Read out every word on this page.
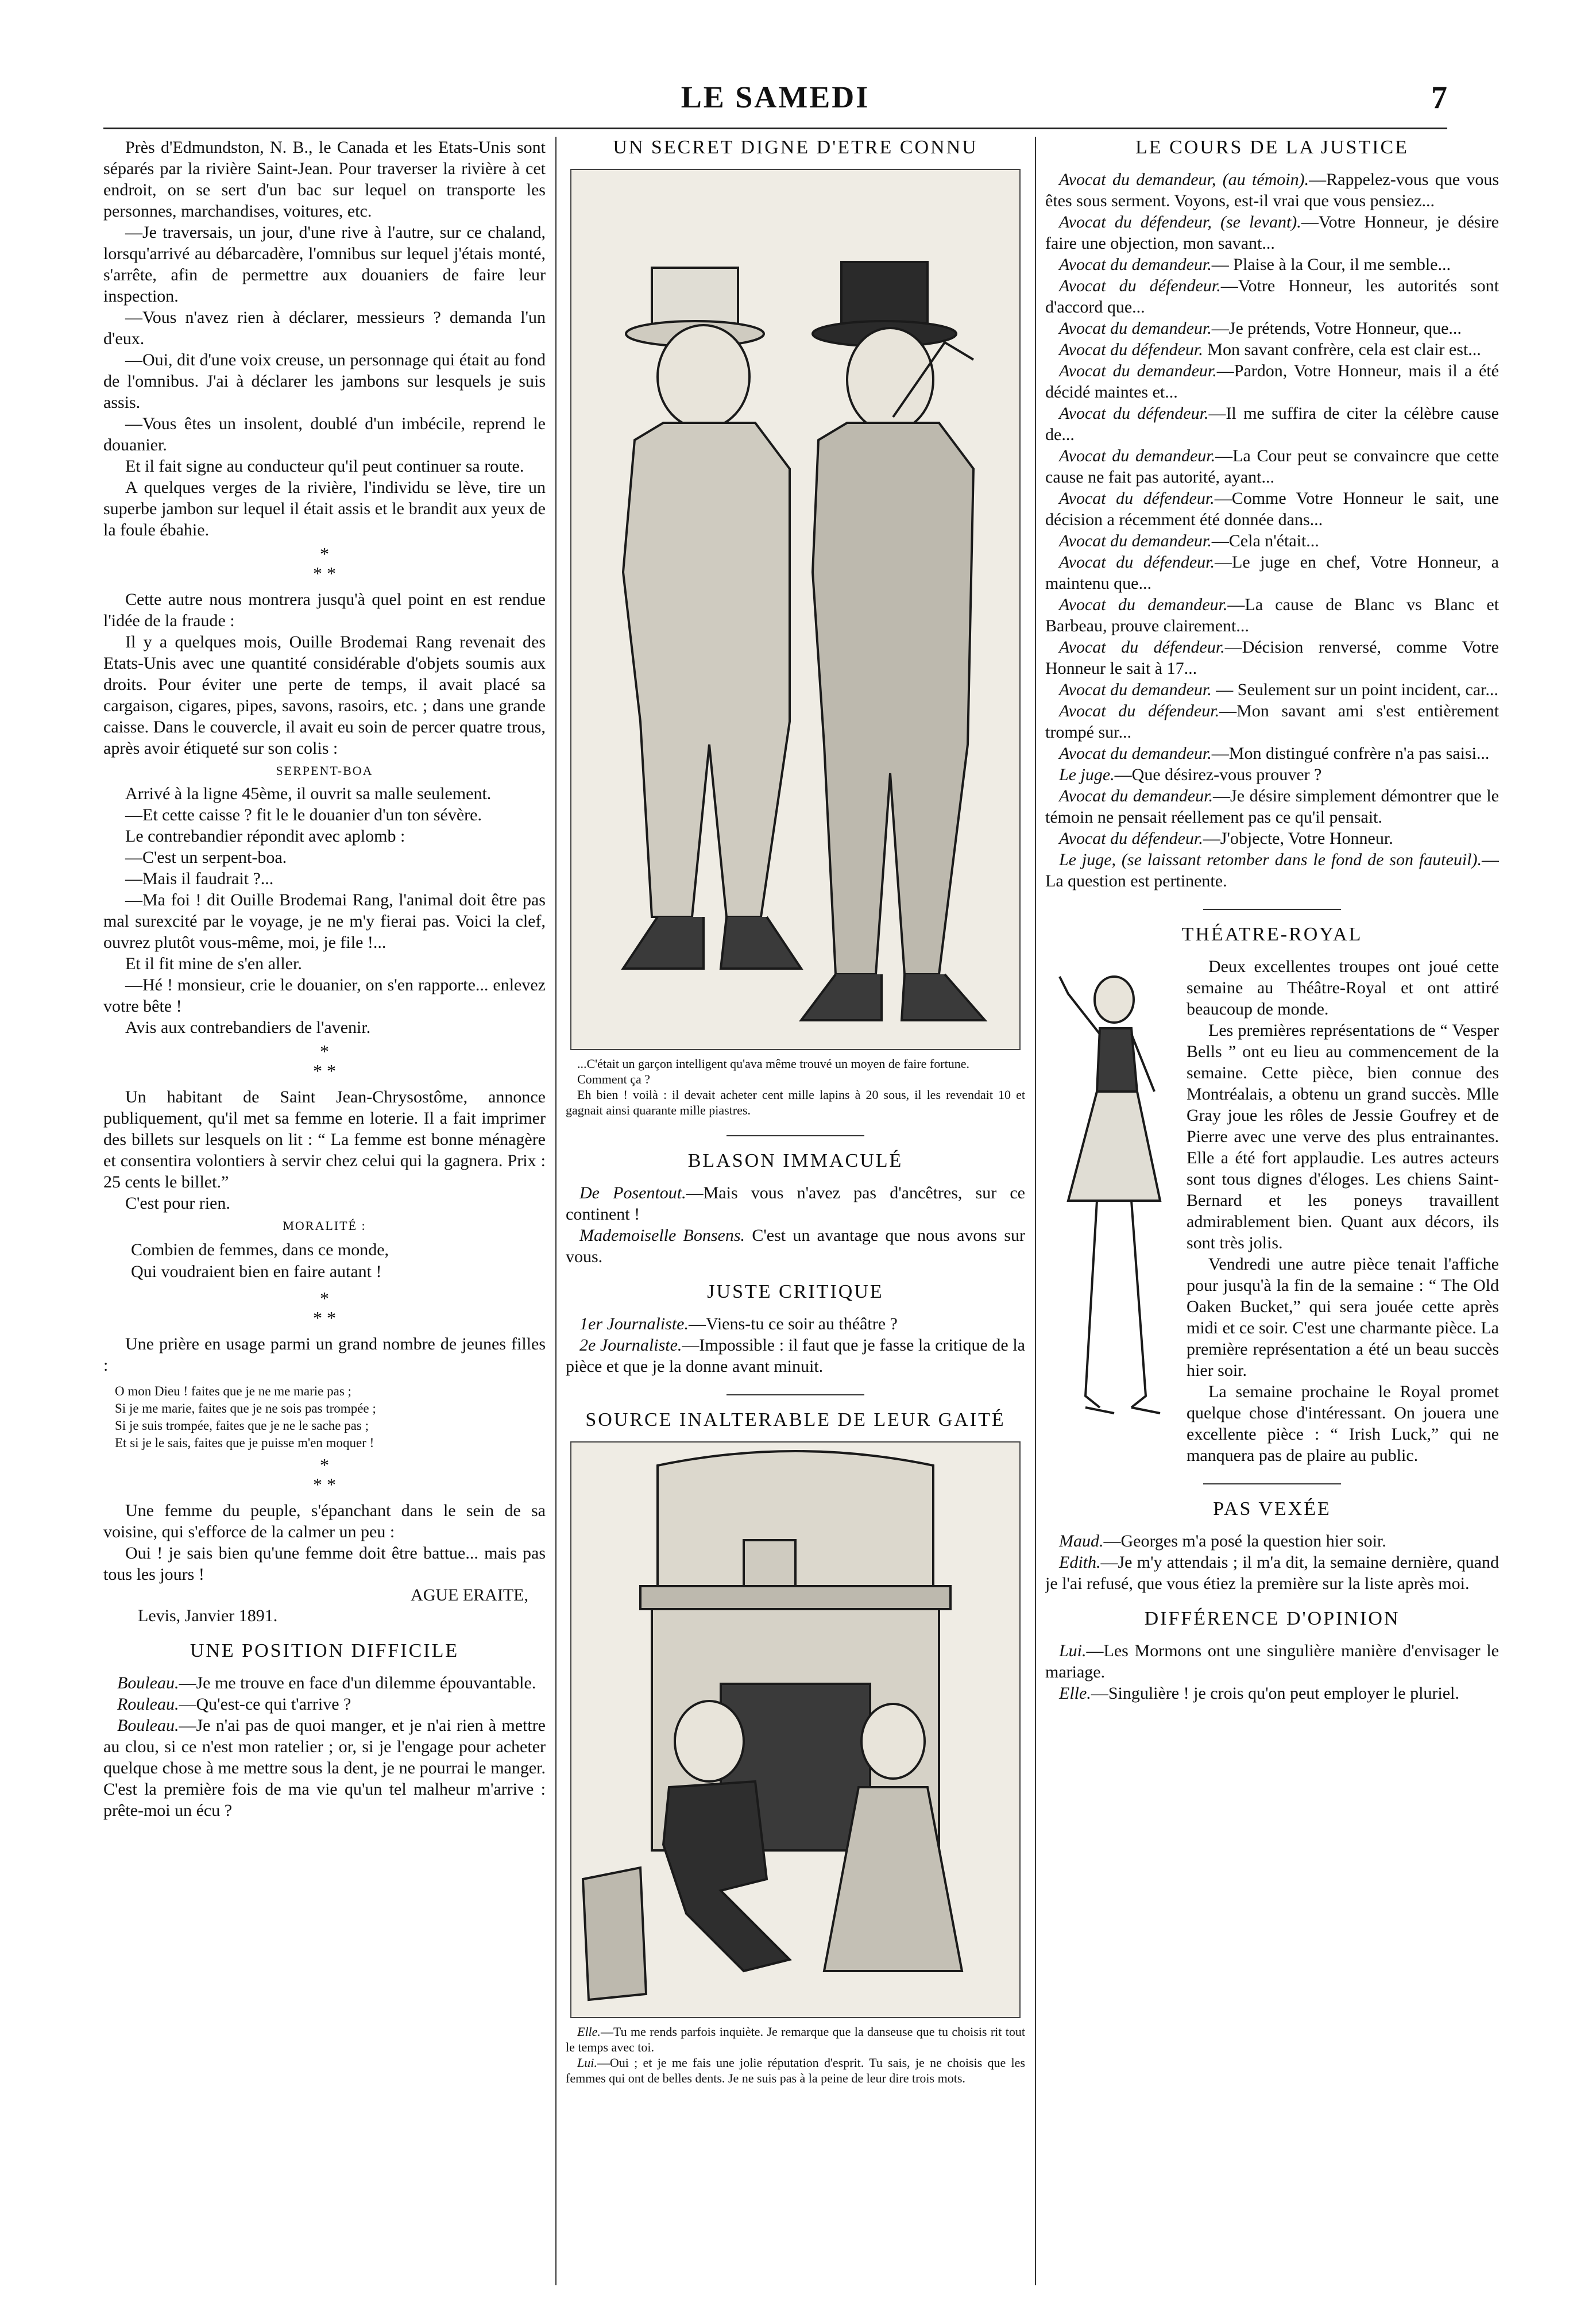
LE SAMEDI	7

Près d'Edmundston, N. B., le Canada et les Etats-Unis sont séparés par la rivière Saint-Jean. Pour traverser la rivière à cet endroit, on se sert d'un bac sur lequel on transporte les personnes, marchandises, voitures, etc.

—Je traversais, un jour, d'une rive à l'autre, sur ce chaland, lorsqu'arrivé au débarcadère, l'omnibus sur lequel j'étais monté, s'arrête, afin de permettre aux douaniers de faire leur inspection.

—Vous n'avez rien à déclarer, messieurs ? demanda l'un d'eux.

—Oui, dit d'une voix creuse, un personnage qui était au fond de l'omnibus. J'ai à déclarer les jambons sur lesquels je suis assis.

—Vous êtes un insolent, doublé d'un imbécile, reprend le douanier.

Et il fait signe au conducteur qu'il peut continuer sa route.

A quelques verges de la rivière, l'individu se lève, tire un superbe jambon sur lequel il était assis et le brandit aux yeux de la foule ébahie.

*
* *

Cette autre nous montrera jusqu'à quel point en est rendue l'idée de la fraude :

Il y a quelques mois, Ouille Brodemai Rang revenait des Etats-Unis avec une quantité considérable d'objets soumis aux droits. Pour éviter une perte de temps, il avait placé sa cargaison, cigares, pipes, savons, rasoirs, etc. ; dans une grande caisse. Dans le couvercle, il avait eu soin de percer quatre trous, après avoir étiqueté sur son colis :

SERPENT-BOA

Arrivé à la ligne 45ème, il ouvrit sa malle seulement.

—Et cette caisse ? fit le le douanier d'un ton sévère.

Le contrebandier répondit avec aplomb :

—C'est un serpent-boa.

—Mais il faudrait ?...

—Ma foi ! dit Ouille Brodemai Rang, l'animal doit être pas mal surexcité par le voyage, je ne m'y fierai pas. Voici la clef, ouvrez plutôt vous-même, moi, je file !...

Et il fit mine de s'en aller.

—Hé ! monsieur, crie le douanier, on s'en rapporte... enlevez votre bête !

Avis aux contrebandiers de l'avenir.

*
* *

Un habitant de Saint Jean-Chrysostôme, annonce publiquement, qu'il met sa femme en loterie. Il a fait imprimer des billets sur lesquels on lit : “ La femme est bonne ménagère et consentira volontiers à servir chez celui qui la gagnera. Prix : 25 cents le billet.”

C'est pour rien.

MORALITÉ :

Combien de femmes, dans ce monde,

Qui voudraient bien en faire autant !

*
* *

Une prière en usage parmi un grand nombre de jeunes filles :

O mon Dieu ! faites que je ne me marie pas ;
Si je me marie, faites que je ne sois pas trompée ;
Si je suis trompée, faites que je ne le sache pas ;
Et si je le sais, faites que je puisse m'en moquer !
*
* *

Une femme du peuple, s'épanchant dans le sein de sa voisine, qui s'efforce de la calmer un peu :

Oui ! je sais bien qu'une femme doit être battue... mais pas tous les jours !

AGUE ERAITE,

Levis, Janvier 1891.

UNE POSITION DIFFICILE

Bouleau.—Je me trouve en face d'un dilemme épouvantable.

Rouleau.—Qu'est-ce qui t'arrive ?

Bouleau.—Je n'ai pas de quoi manger, et je n'ai rien à mettre au clou, si ce n'est mon ratelier ; or, si je l'engage pour acheter quelque chose à me mettre sous la dent, je ne pourrai le manger. C'est la première fois de ma vie qu'un tel malheur m'arrive : prête-moi un écu ?

UN SECRET DIGNE D'ETRE CONNU

...C'était un garçon intelligent qu'ava même trouvé un moyen de faire fortune.

Comment ça ?

Eh bien ! voilà : il devait acheter cent mille lapins à 20 sous, il les revendait 10 et gagnait ainsi quarante mille piastres.

BLASON IMMACULÉ

De Posentout.—Mais vous n'avez pas d'ancêtres, sur ce continent !

Mademoiselle Bonsens. C'est un avantage que nous avons sur vous.

JUSTE CRITIQUE

1er Journaliste.—Viens-tu ce soir au théâtre ?

2e Journaliste.—Impossible : il faut que je fasse la critique de la pièce et que je la donne avant minuit.

SOURCE INALTERABLE DE LEUR GAITÉ

Elle.—Tu me rends parfois inquiète. Je remarque que la danseuse que tu choisis rit tout le temps avec toi.

Lui.—Oui ; et je me fais une jolie réputation d'esprit. Tu sais, je ne choisis que les femmes qui ont de belles dents. Je ne suis pas à la peine de leur dire trois mots.

LE COURS DE LA JUSTICE

Avocat du demandeur, (au témoin).—Rappelez-vous que vous êtes sous serment. Voyons, est-il vrai que vous pensiez...

Avocat du défendeur, (se levant).—Votre Honneur, je désire faire une objection, mon savant...

Avocat du demandeur.— Plaise à la Cour, il me semble...

Avocat du défendeur.—Votre Honneur, les autorités sont d'accord que...

Avocat du demandeur.—Je prétends, Votre Honneur, que...

Avocat du défendeur. Mon savant confrère, cela est clair est...

Avocat du demandeur.—Pardon, Votre Honneur, mais il a été décidé maintes et...

Avocat du défendeur.—Il me suffira de citer la célèbre cause de...

Avocat du demandeur.—La Cour peut se convaincre que cette cause ne fait pas autorité, ayant...

Avocat du défendeur.—Comme Votre Honneur le sait, une décision a récemment été donnée dans...

Avocat du demandeur.—Cela n'était...

Avocat du défendeur.—Le juge en chef, Votre Honneur, a maintenu que...

Avocat du demandeur.—La cause de Blanc vs Blanc et Barbeau, prouve clairement...

Avocat du défendeur.—Décision renversé, comme Votre Honneur le sait à 17...

Avocat du demandeur. — Seulement sur un point incident, car...

Avocat du défendeur.—Mon savant ami s'est entièrement trompé sur...

Avocat du demandeur.—Mon distingué confrère n'a pas saisi...

Le juge.—Que désirez-vous prouver ?

Avocat du demandeur.—Je désire simplement démontrer que le témoin ne pensait réellement pas ce qu'il pensait.

Avocat du défendeur.—J'objecte, Votre Honneur.

Le juge, (se laissant retomber dans le fond de son fauteuil).—La question est pertinente.

THÉATRE-ROYAL

Deux excellentes troupes ont joué cette semaine au Théâtre-Royal et ont attiré beaucoup de monde.

Les premières représentations de “ Vesper Bells ” ont eu lieu au commencement de la semaine. Cette pièce, bien connue des Montréalais, a obtenu un grand succès. Mlle Gray joue les rôles de Jessie Goufrey et de Pierre avec une verve des plus entrainantes. Elle a été fort applaudie. Les autres acteurs sont tous dignes d'éloges. Les chiens Saint-Bernard et les poneys travaillent admirablement bien. Quant aux décors, ils sont très jolis.

Vendredi une autre pièce tenait l'affiche pour jusqu'à la fin de la semaine : “ The Old Oaken Bucket,” qui sera jouée cette après midi et ce soir. C'est une charmante pièce. La première représentation a été un beau succès hier soir.

La semaine prochaine le Royal promet quelque chose d'intéressant. On jouera une excellente pièce : “ Irish Luck,” qui ne manquera pas de plaire au public.

PAS VEXÉE

Maud.—Georges m'a posé la question hier soir.

Edith.—Je m'y attendais ; il m'a dit, la semaine dernière, quand je l'ai refusé, que vous étiez la première sur la liste après moi.

DIFFÉRENCE D'OPINION

Lui.—Les Mormons ont une singulière manière d'envisager le mariage.

Elle.—Singulière ! je crois qu'on peut employer le pluriel.
